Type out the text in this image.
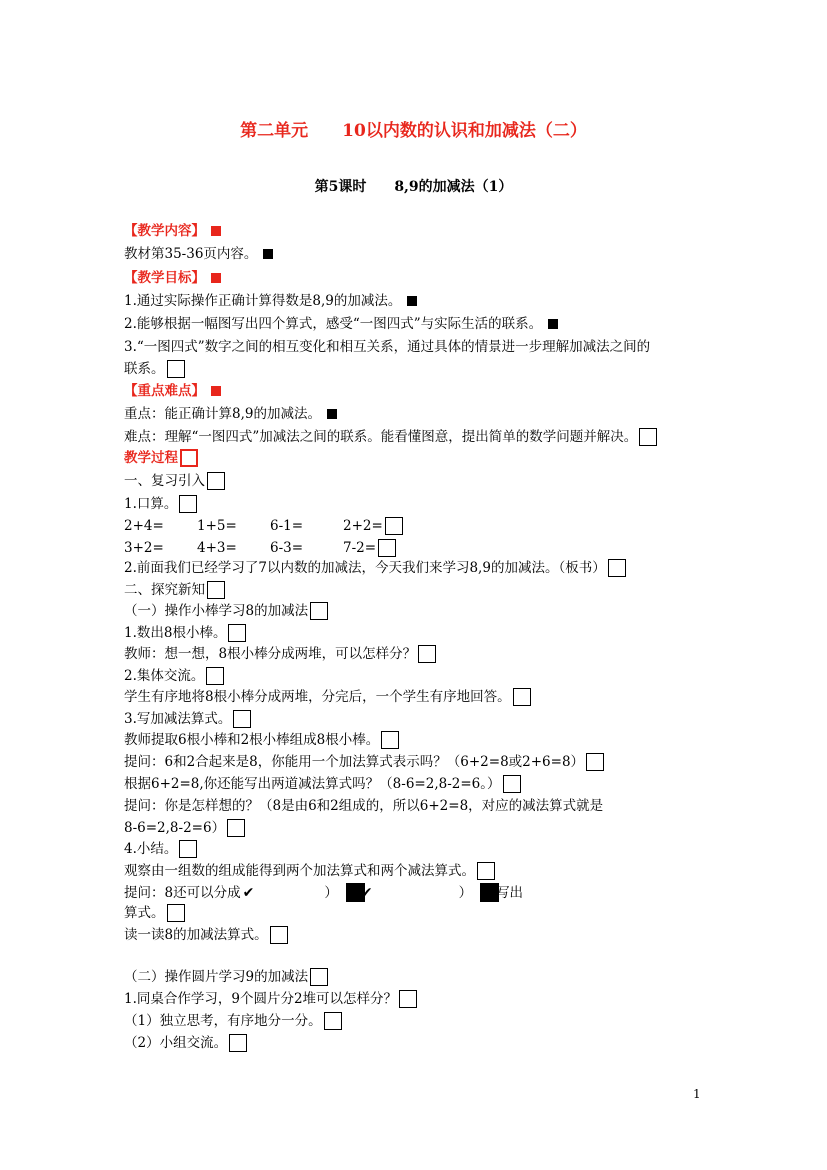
第二单元　　10以内数的认识和加减法（二）
第5课时　　8,9的加减法（1）
【教学内容】
教材第35-36页内容。
【教学目标】
1.通过实际操作正确计算得数是8,9的加减法。
2.能够根据一幅图写出四个算式，感受“一图四式”与实际生活的联系。
3.“一图四式”数字之间的相互变化和相互关系，通过具体的情景进一步理解加减法之间的
联系。
【重点难点】
重点：能正确计算8,9的加减法。
难点：理解“一图四式”加减法之间的联系。能看懂图意，提出简单的数学问题并解决。
教学过程
一、复习引入
1.口算。
2+4= 1+5= 6-1=	2+2=
3+2= 4+3= 6-3=	7-2=
2.前面我们已经学习了7以内数的加减法，今天我们来学习8,9的加减法。（板书）
二、探究新知
（一）操作小棒学习8的加减法
1.数出8根小棒。
教师：想一想，8根小棒分成两堆，可以怎样分？
2.集体交流。
学生有序地将8根小棒分成两堆，分完后，一个学生有序地回答。
3.写加减法算式。
教师提取6根小棒和2根小棒组成8根小棒。
提问：6和2合起来是8，你能用一个加法算式表示吗？（6+2=8或2+6=8）
根据6+2=8,你还能写出两道减法算式吗？（8-6=2,8-2=6。）
提问：你是怎样想的？（8是由6和2组成的，所以6+2=8，对应的减法算式就是
8-6=2,8-2=6）
4.小结。
观察由一组数的组成能得到两个加法算式和两个减法算式。
提问：8还可以分成 ✔	） ✔	） 写出
算式。
读一读8的加减法算式。
（二）操作圆片学习9的加减法
1.同桌合作学习，9个圆片分2堆可以怎样分？
（1）独立思考，有序地分一分。
（2）小组交流。
1
